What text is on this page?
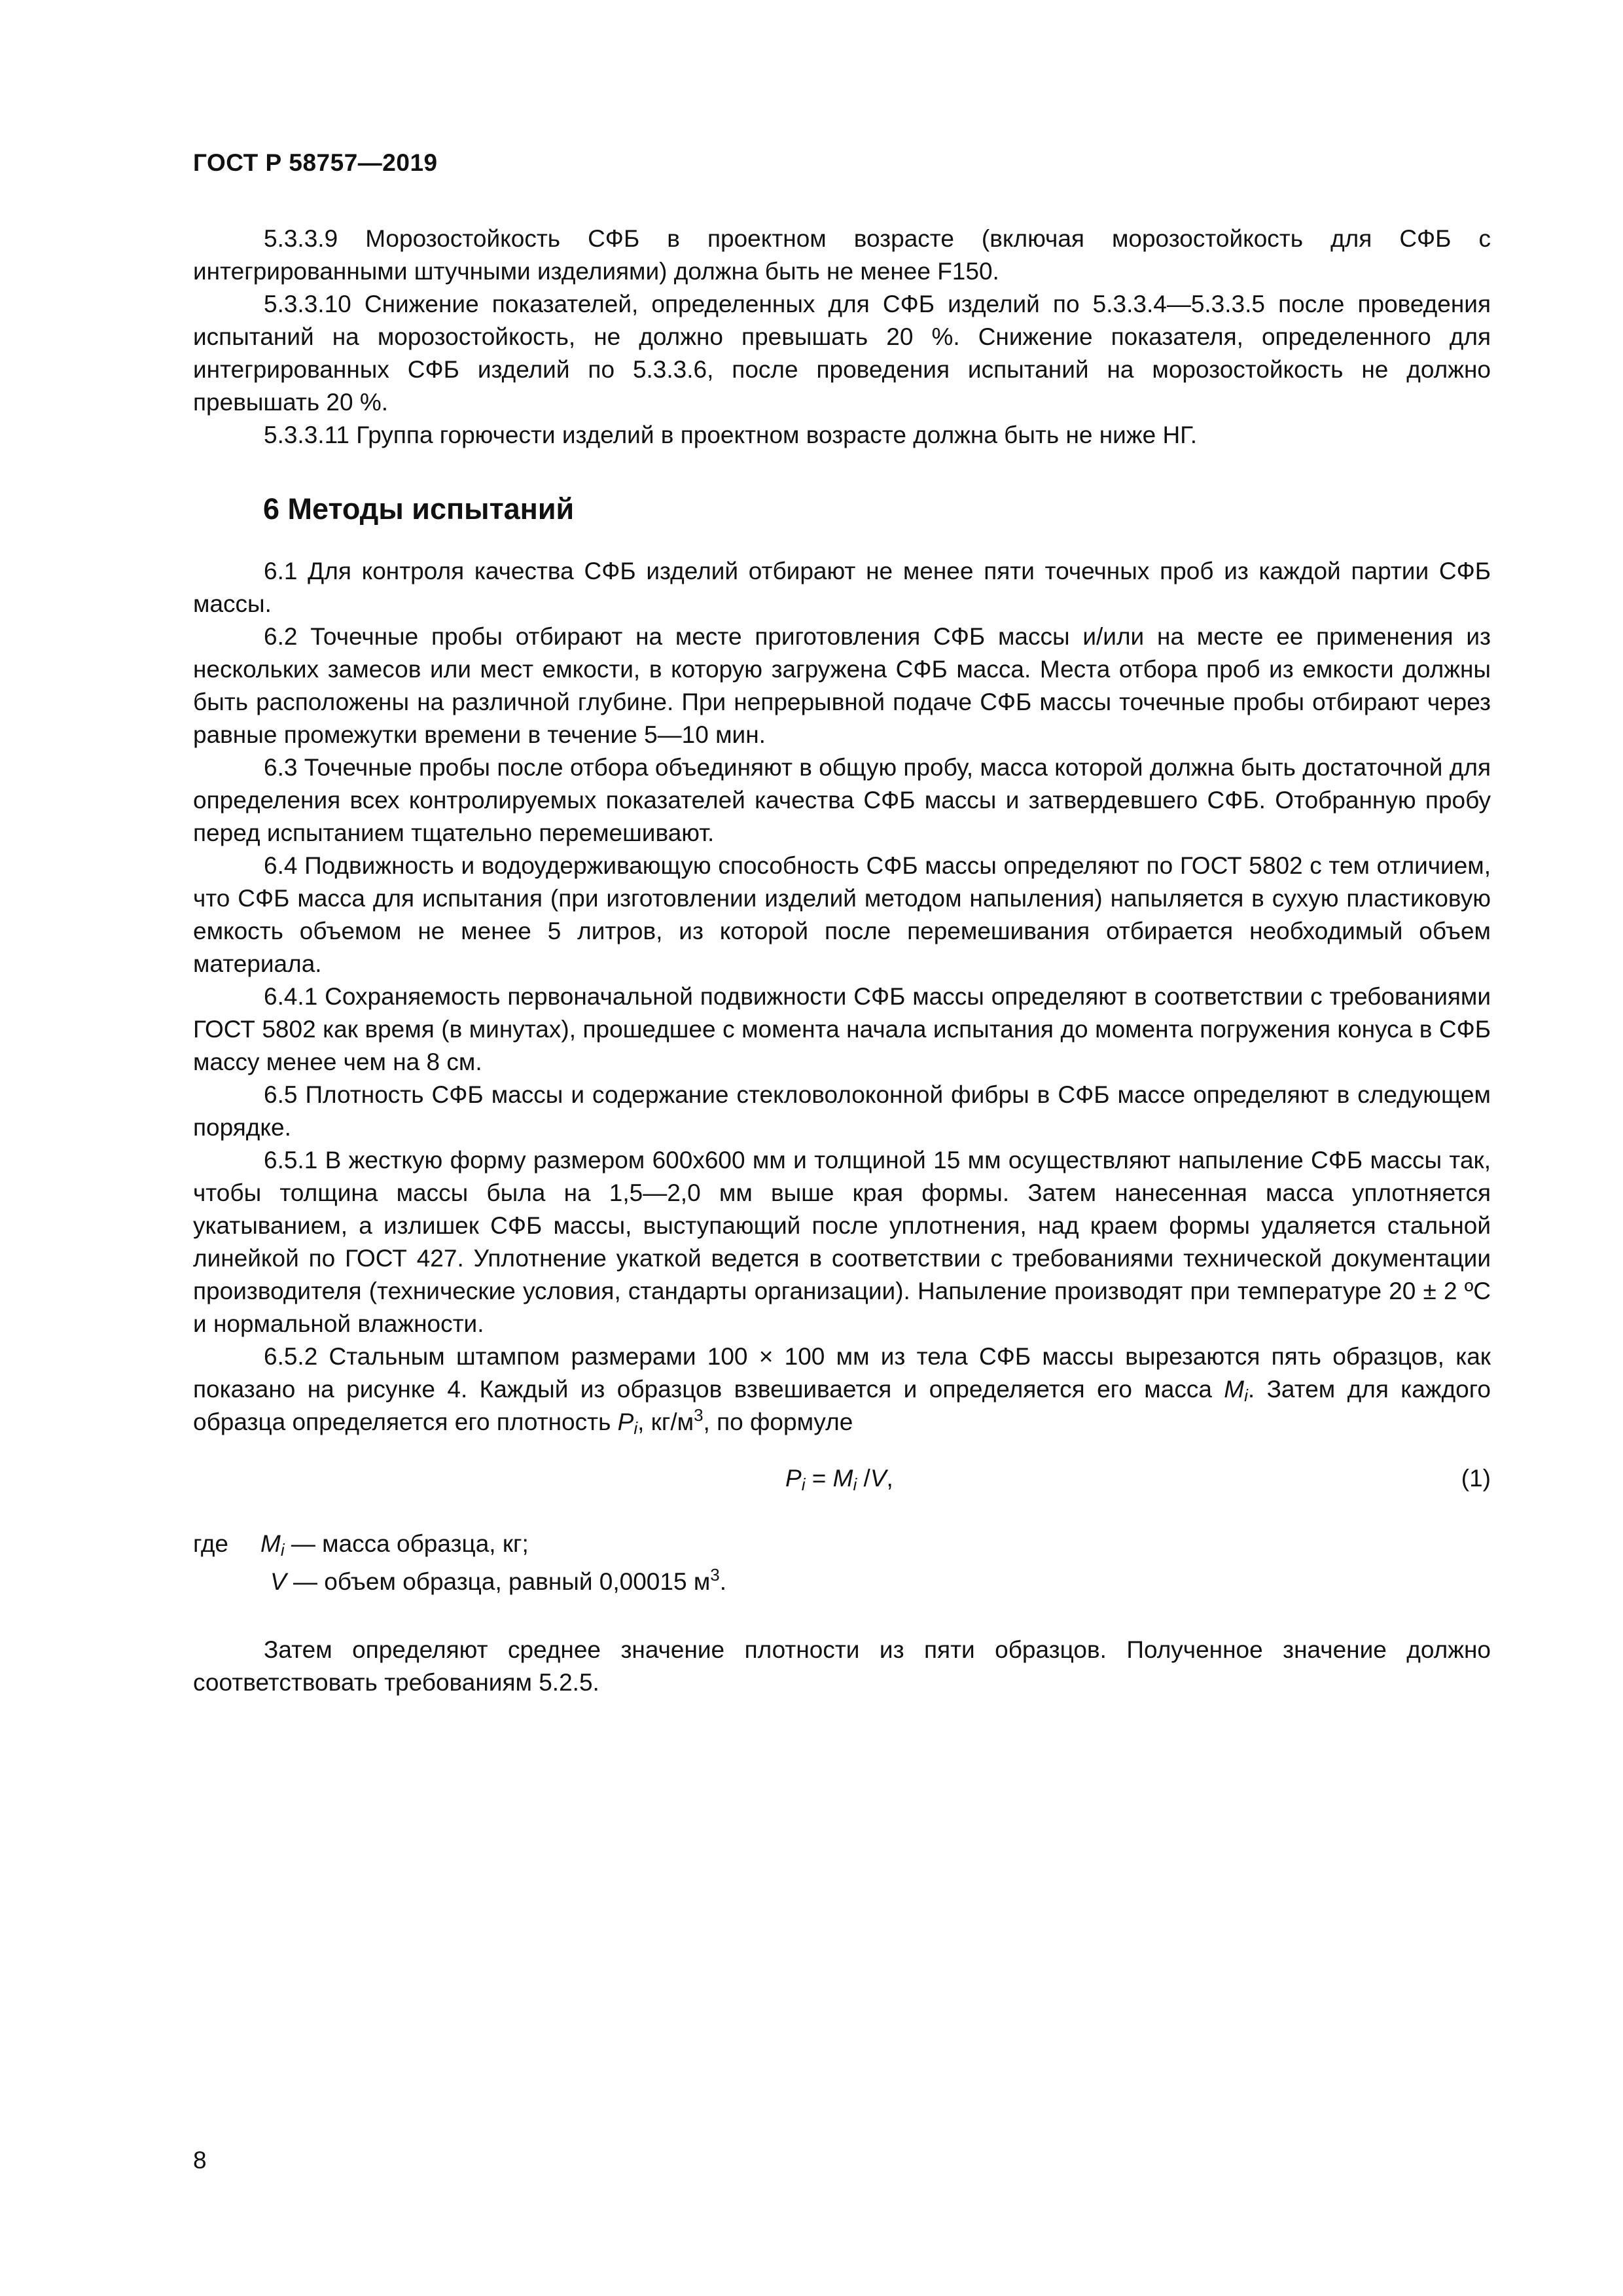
ГОСТ Р 58757—2019

5.3.3.9 Морозостойкость СФБ в проектном возрасте (включая морозостойкость для СФБ с интегрированными штучными изделиями) должна быть не менее F150.

5.3.3.10 Снижение показателей, определенных для СФБ изделий по 5.3.3.4—5.3.3.5 после проведения испытаний на морозостойкость, не должно превышать 20 %. Снижение показателя, определенного для интегрированных СФБ изделий по 5.3.3.6, после проведения испытаний на морозостойкость не должно превышать 20 %.

5.3.3.11 Группа горючести изделий в проектном возрасте должна быть не ниже НГ.

6 Методы испытаний

6.1 Для контроля качества СФБ изделий отбирают не менее пяти точечных проб из каждой партии СФБ массы.

6.2 Точечные пробы отбирают на месте приготовления СФБ массы и/или на месте ее применения из нескольких замесов или мест емкости, в которую загружена СФБ масса. Места отбора проб из емкости должны быть расположены на различной глубине. При непрерывной подаче СФБ массы точечные пробы отбирают через равные промежутки времени в течение 5—10 мин.

6.3 Точечные пробы после отбора объединяют в общую пробу, масса которой должна быть достаточной для определения всех контролируемых показателей качества СФБ массы и затвердевшего СФБ. Отобранную пробу перед испытанием тщательно перемешивают.

6.4 Подвижность и водоудерживающую способность СФБ массы определяют по ГОСТ 5802 с тем отличием, что СФБ масса для испытания (при изготовлении изделий методом напыления) напыляется в сухую пластиковую емкость объемом не менее 5 литров, из которой после перемешивания отбирается необходимый объем материала.

6.4.1 Сохраняемость первоначальной подвижности СФБ массы определяют в соответствии с требованиями ГОСТ 5802 как время (в минутах), прошедшее с момента начала испытания до момента погружения конуса в СФБ массу менее чем на 8 см.

6.5 Плотность СФБ массы и содержание стекловолоконной фибры в СФБ массе определяют в следующем порядке.

6.5.1 В жесткую форму размером 600х600 мм и толщиной 15 мм осуществляют напыление СФБ массы так, чтобы толщина массы была на 1,5—2,0 мм выше края формы. Затем нанесенная масса уплотняется укатыванием, а излишек СФБ массы, выступающий после уплотнения, над краем формы удаляется стальной линейкой по ГОСТ 427. Уплотнение укаткой ведется в соответствии с требованиями технической документации производителя (технические условия, стандарты организации). Напыление производят при температуре 20 ± 2 ºС и нормальной влажности.

6.5.2 Стальным штампом размерами 100 × 100 мм из тела СФБ массы вырезаются пять образцов, как показано на рисунке 4. Каждый из образцов взвешивается и определяется его масса $M_i$. Затем для каждого образца определяется его плотность $P_i$, $кг/м^3$, по формуле

$P_i = M_i$ /V,	(1)
где $M_i$ — масса образца, кг;
V — объем образца, равный 0,00015 $м^3$.

Затем определяют среднее значение плотности из пяти образцов. Полученное значение должно соответствовать требованиям 5.2.5.

8
